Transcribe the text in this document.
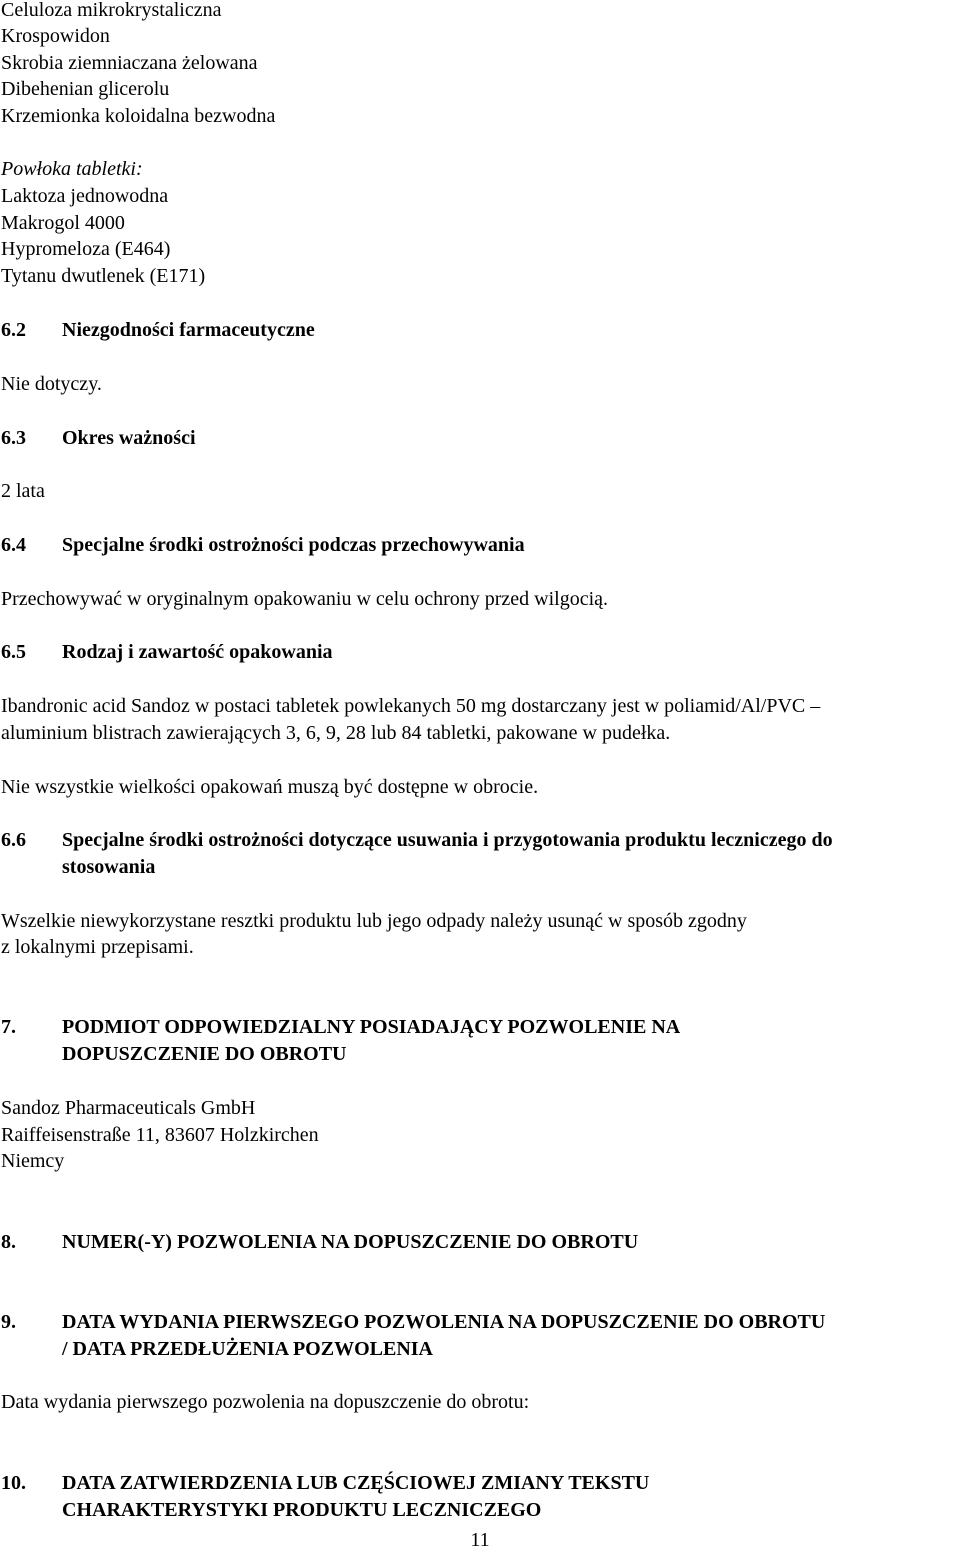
Celuloza mikrokrystaliczna
Krospowidon
Skrobia ziemniaczana żelowana
Dibehenian glicerolu
Krzemionka koloidalna bezwodna
Powłoka tabletki:
Laktoza jednowodna
Makrogol 4000
Hypromeloza (E464)
Tytanu dwutlenek (E171)
6.2 Niezgodności farmaceutyczne
Nie dotyczy.
6.3 Okres ważności
2 lata
6.4 Specjalne środki ostrożności podczas przechowywania
Przechowywać w oryginalnym opakowaniu w celu ochrony przed wilgocią.
6.5 Rodzaj i zawartość opakowania
Ibandronic acid Sandoz w postaci tabletek powlekanych 50 mg dostarczany jest w poliamid/Al/PVC –
aluminium blistrach zawierających 3, 6, 9, 28 lub 84 tabletki, pakowane w pudełka.
Nie wszystkie wielkości opakowań muszą być dostępne w obrocie.
6.6 Specjalne środki ostrożności dotyczące usuwania i przygotowania produktu leczniczego do
stosowania
Wszelkie niewykorzystane resztki produktu lub jego odpady należy usunąć w sposób zgodny
z lokalnymi przepisami.
7. PODMIOT ODPOWIEDZIALNY POSIADAJĄCY POZWOLENIE NA
DOPUSZCZENIE DO OBROTU
Sandoz Pharmaceuticals GmbH
Raiffeisenstraße 11, 83607 Holzkirchen
Niemcy
8. NUMER(-Y) POZWOLENIA NA DOPUSZCZENIE DO OBROTU
9. DATA WYDANIA PIERWSZEGO POZWOLENIA NA DOPUSZCZENIE DO OBROTU
/ DATA PRZEDŁUŻENIA POZWOLENIA
Data wydania pierwszego pozwolenia na dopuszczenie do obrotu:
10. DATA ZATWIERDZENIA LUB CZĘŚCIOWEJ ZMIANY TEKSTU
CHARAKTERYSTYKI PRODUKTU LECZNICZEGO
11
